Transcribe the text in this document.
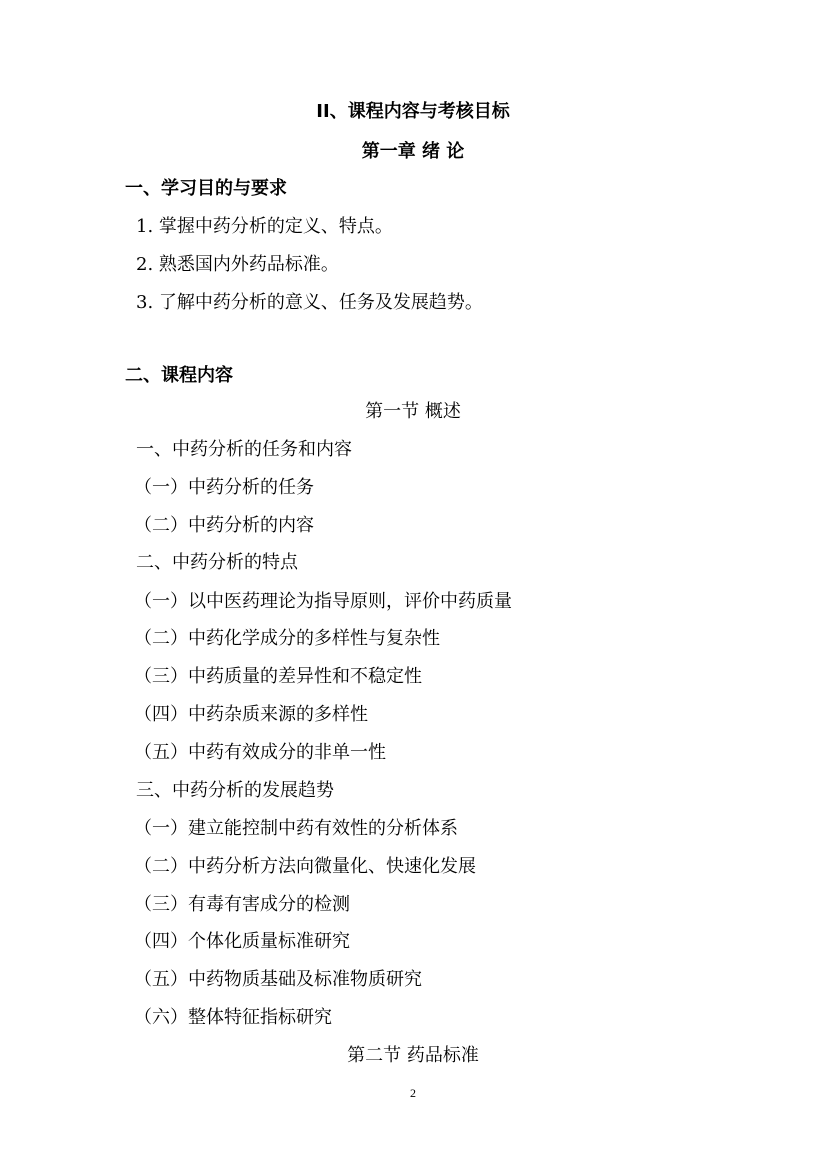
II、课程内容与考核目标
第一章 绪 论
一、学习目的与要求
1. 掌握中药分析的定义、特点。
2. 熟悉国内外药品标准。
3. 了解中药分析的意义、任务及发展趋势。
二、课程内容
第一节 概述
一、中药分析的任务和内容
（一）中药分析的任务
（二）中药分析的内容
二、中药分析的特点
（一）以中医药理论为指导原则，评价中药质量
（二）中药化学成分的多样性与复杂性
（三）中药质量的差异性和不稳定性
（四）中药杂质来源的多样性
（五）中药有效成分的非单一性
三、中药分析的发展趋势
（一）建立能控制中药有效性的分析体系
（二）中药分析方法向微量化、快速化发展
（三）有毒有害成分的检测
（四）个体化质量标准研究
（五）中药物质基础及标准物质研究
（六）整体特征指标研究
第二节 药品标准
2
